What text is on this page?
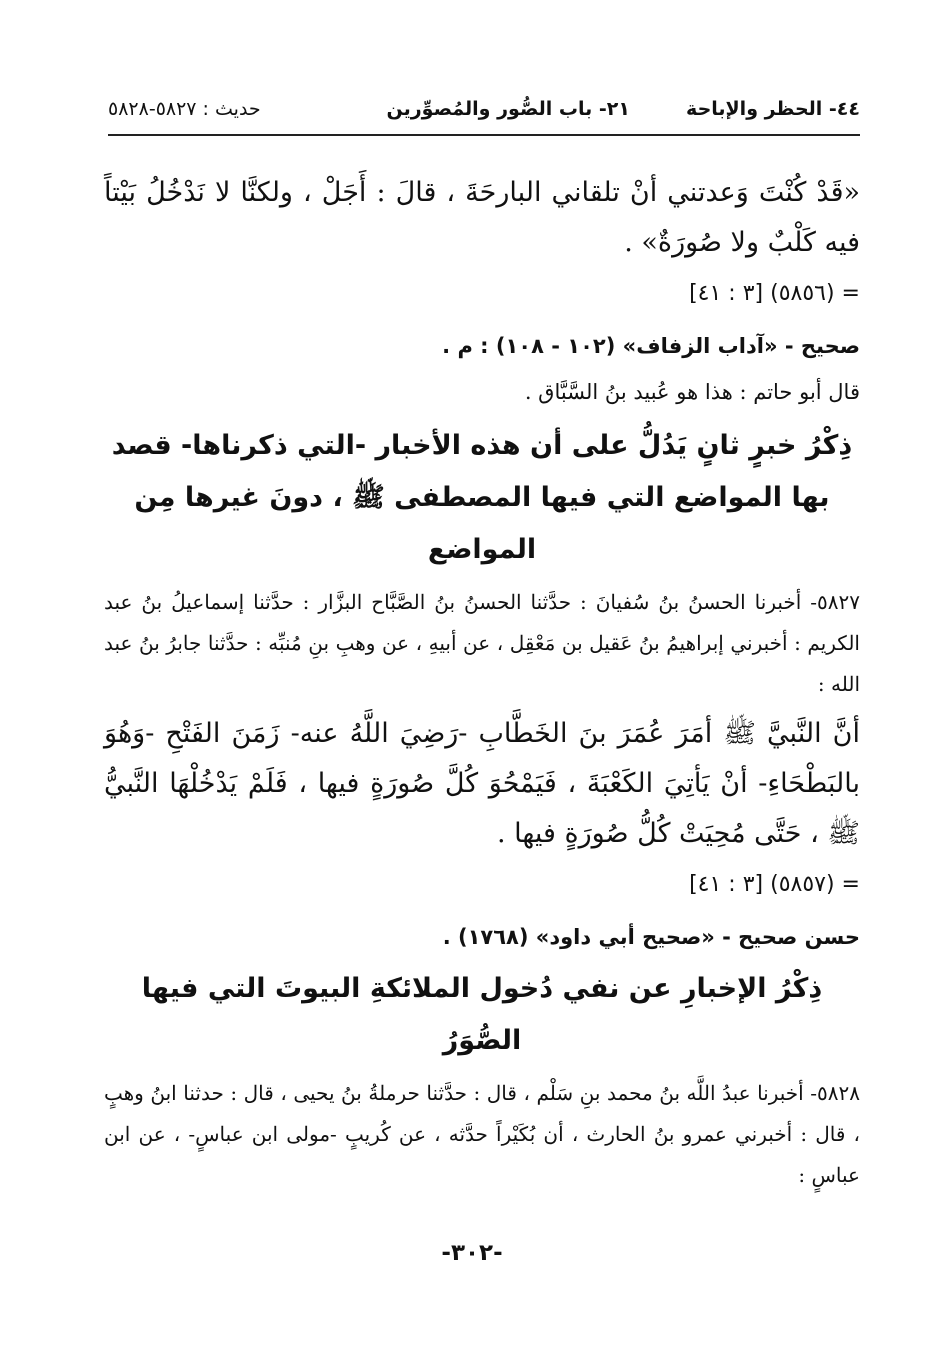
٤٤- الحظر والإباحة
٢١- باب الصُّور والمُصوِّرين
حديث : ٥٨٢٧-٥٨٢٨

«قَدْ كُنْتَ وَعدتني أنْ تلقاني البارحَةَ ، قالَ : أَجَلْ ، ولكنَّا لا نَدْخُلُ بَيْتاً فيه كَلْبٌ ولا صُورَةٌ» .

= (٥٨٥٦) [٣ : ٤١]

صحيح - «آداب الزفاف» (١٠٢ - ١٠٨) : م .

قال أبو حاتم : هذا هو عُبيد بنُ السَّبَّاق .

ذِكْرُ خبرٍ ثانٍ يَدُلُّ على أن هذه الأخبار -التي ذكرناها- قصد بها المواضع التي فيها المصطفى ﷺ ، دونَ غيرها مِن المواضع

٥٨٢٧- أخبرنا الحسنُ بنُ سُفيانَ : حدَّثنا الحسنُ بنُ الصَّبَّاح البزَّار : حدَّثنا إسماعيلُ بنُ عبد الكريم : أخبرني إبراهيمُ بنُ عَقيل بن مَعْقِل ، عن أبيهِ ، عن وهبِ بنِ مُنبِّه : حدَّثنا جابرُ بنُ عبد الله :

أنَّ النَّبيَّ ﷺ أمَرَ عُمَرَ بنَ الخَطَّابِ -رَضِيَ اللَّهُ عنه- زَمَنَ الفَتْحِ -وَهُوَ بالبَطْحَاءِ- أنْ يَأتِيَ الكَعْبَةَ ، فَيَمْحُوَ كُلَّ صُورَةٍ فيها ، فَلَمْ يَدْخُلْهَا النَّبيُّ ﷺ ، حَتَّى مُحِيَتْ كُلُّ صُورَةٍ فيها .

= (٥٨٥٧) [٣ : ٤١]

حسن صحيح - «صحيح أبي داود» (١٧٦٨) .

ذِكْرُ الإخبارِ عن نفي دُخول الملائكةِ البيوتَ التي فيها الصُّوَرُ

٥٨٢٨- أخبرنا عبدُ اللَّه بنُ محمد بنِ سَلْم ، قال : حدَّثنا حرملةُ بنُ يحيى ، قال : حدثنا ابنُ وهبٍ ، قال : أخبرني عمرو بنُ الحارث ، أن بُكَيْراً حدَّثه ، عن كُريبٍ -مولى ابن عباسٍ- ، عن ابن عباسٍ :

-٣٠٢-
